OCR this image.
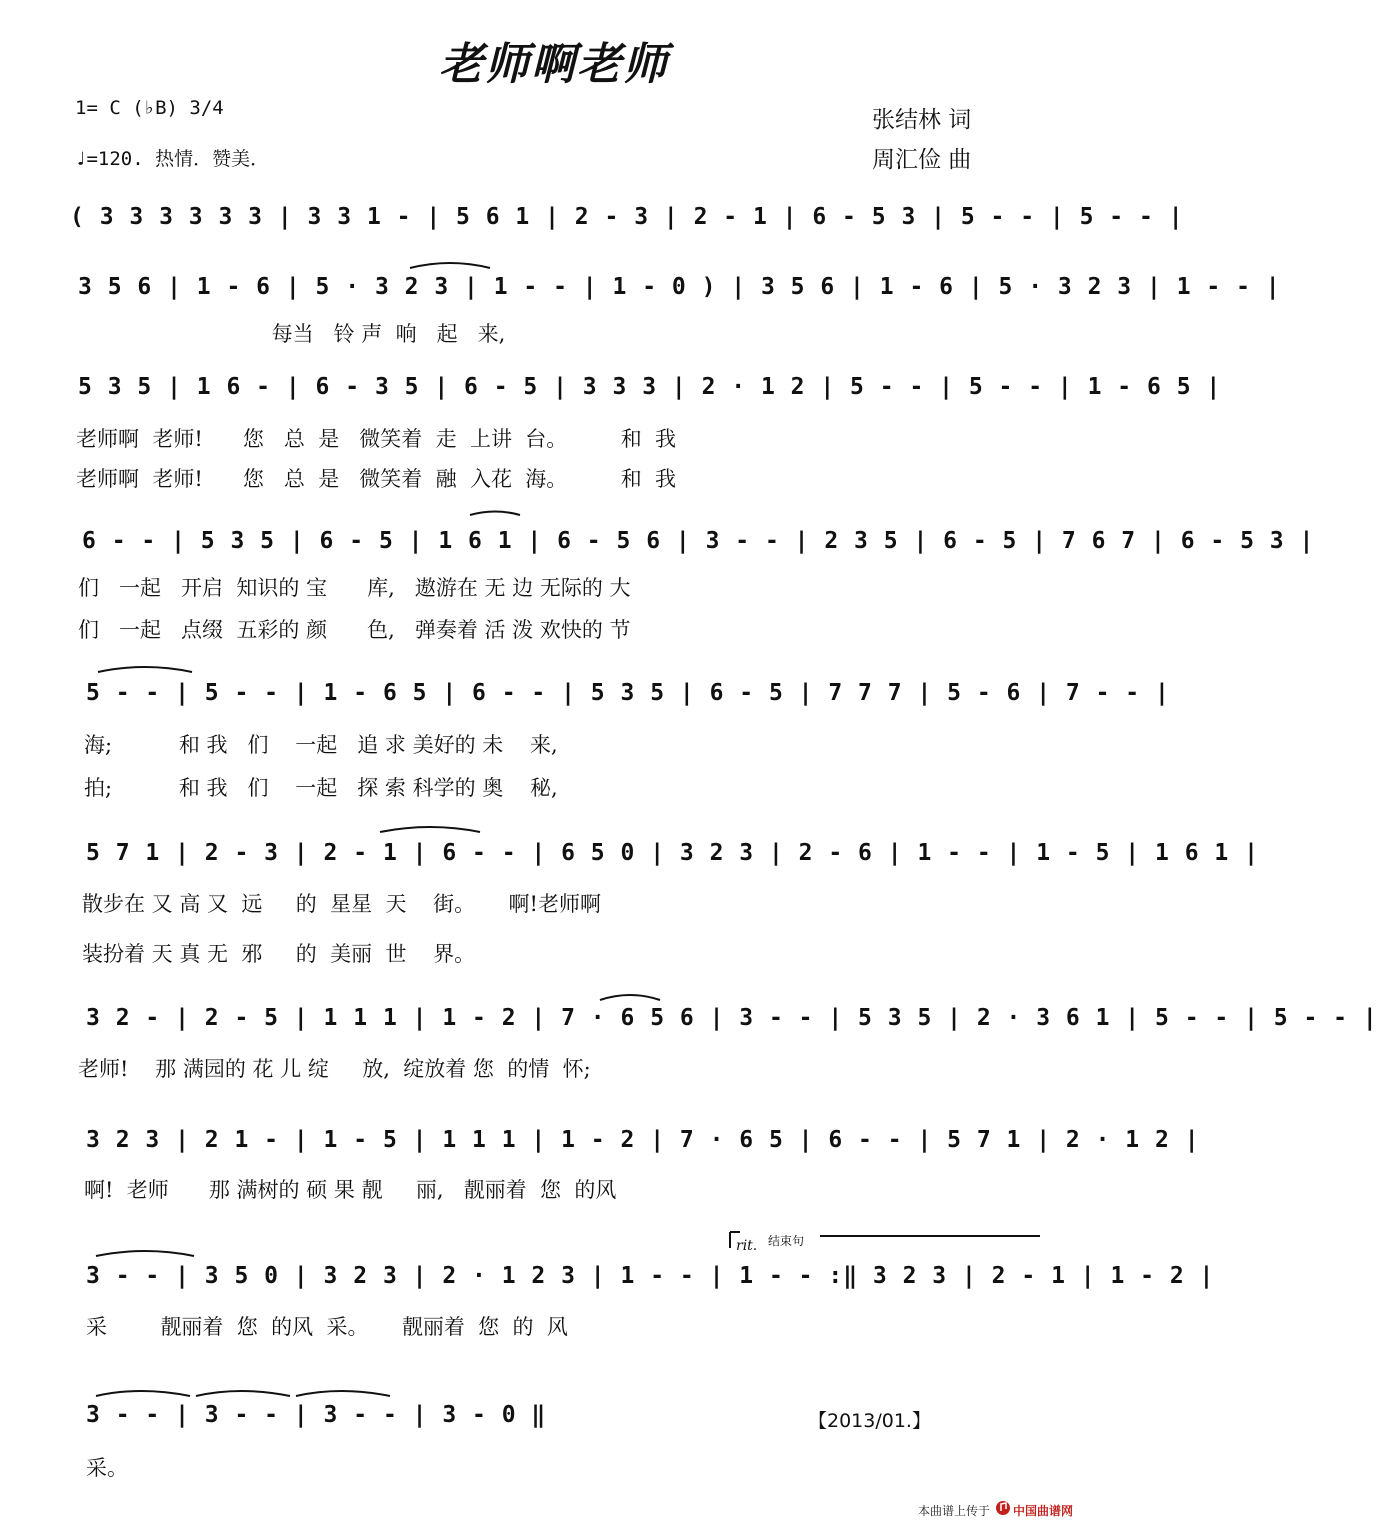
老师啊老师
1= C (♭B) 3/4
♩=120. 热情．赞美．
张结林 词
周汇俭 曲
( 3 3 3 3 3 3 | 3 3 1 - | 5 6 1 | 2 - 3 | 2 - 1 | 6 - 5 3 | 5 - - | 5 - - |
3 5 6 | 1 - 6 | 5 · 3 2 3 | 1 - - | 1 - 0 ) | 3 5 6 | 1 - 6 | 5 · 3 2 3 | 1 - - |
每当   铃 声  响   起   来,
5 3 5 | 1 6 - | 6 - 3 5 | 6 - 5 | 3 3 3 | 2 · 1 2 | 5 - - | 5 - - | 1 - 6 5 |
老师啊  老师!      您   总  是   微笑着  走  上讲  台。        和  我
老师啊  老师!      您   总  是   微笑着  融  入花  海。        和  我
6 - - | 5 3 5 | 6 - 5 | 1 6 1 | 6 - 5 6 | 3 - - | 2 3 5 | 6 - 5 | 7 6 7 | 6 - 5 3 |
们   一起   开启  知识的 宝      库,   遨游在 无 边 无际的 大
们   一起   点缀  五彩的 颜      色,   弹奏着 活 泼 欢快的 节
5 - - | 5 - - | 1 - 6 5 | 6 - - | 5 3 5 | 6 - 5 | 7 7 7 | 5 - 6 | 7 - - |
海;          和 我   们    一起   追 求 美好的 未    来,
拍;          和 我   们    一起   探 索 科学的 奥    秘,
5 7 1 | 2 - 3 | 2 - 1 | 6 - - | 6 5 0 | 3 2 3 | 2 - 6 | 1 - - | 1 - 5 | 1 6 1 |
散步在 又 高 又  远     的  星星  天    街。     啊!老师啊
装扮着 天 真 无  邪     的  美丽  世    界。
3 2 - | 2 - 5 | 1 1 1 | 1 - 2 | 7 · 6 5 6 | 3 - - | 5 3 5 | 2 · 3 6 1 | 5 - - | 5 - - |
老师!    那 满园的 花 儿 绽     放,  绽放着 您  的情  怀;
3 2 3 | 2 1 - | 1 - 5 | 1 1 1 | 1 - 2 | 7 · 6 5 | 6 - - | 5 7 1 | 2 · 1 2 |
啊!  老师      那 满树的 硕 果 靓     丽,   靓丽着  您  的风
rit. 结束句
3 - - | 3 5 0 | 3 2 3 | 2 · 1 2 3 | 1 - - | 1 - - :‖ 3 2 3 | 2 - 1 | 1 - 2 |
采        靓丽着  您  的风  采。     靓丽着  您  的  风
3 - - | 3 - - | 3 - - | 3 - 0 ‖
采。
【2013/01.】
本曲谱上传于 中国曲谱网
